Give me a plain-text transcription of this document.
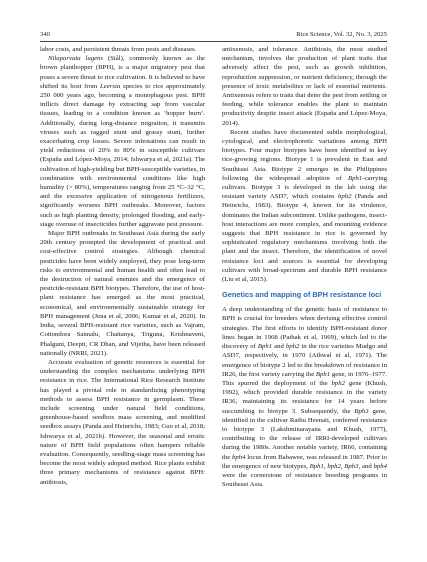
340	Rice Science, Vol. 32, No. 3, 2025

labor costs, and persistent threats from pests and diseases.

Nilaparvata lugens (Stål), commonly known as the brown planthopper (BPH), is a major migratory pest that poses a severe threat to rice cultivation. It is believed to have shifted its host from Leersia species to rice approximately 250 000 years ago, becoming a monophagous pest. BPH inflicts direct damage by extracting sap from vascular tissues, leading to a condition known as ‘hopper burn’. Additionally, during long-distance migration, it transmits viruses such as ragged stunt and grassy stunt, further exacerbating crop losses. Severe infestations can result in yield reductions of 20% to 80% in susceptible cultivars (España and López-Moya, 2014; Ishwarya et al, 2021a). The cultivation of high-yielding but BPH-susceptible varieties, in combination with environmental conditions like high humidity (> 80%), temperatures ranging from 25 °C–32 °C, and the excessive application of nitrogenous fertilizers, significantly worsens BPH outbreaks. Moreover, factors such as high planting density, prolonged flooding, and early-stage overuse of insecticides further aggravate pest pressure.

Major BPH outbreaks in Southeast Asia during the early 20th century prompted the development of practical and cost-effective control strategies. Although chemical pesticides have been widely employed, they pose long-term risks to environmental and human health and often lead to the destruction of natural enemies and the emergence of pesticide-resistant BPH biotypes. Therefore, the use of host-plant resistance has emerged as the most practical, economical, and environmentally sustainable strategy for BPH management (Jena et al, 2006; Kumar et al, 2020). In India, several BPH-resistant rice varieties, such as Vajram, Cottondora Sannalu, Chaitanya, Triguna, Krishnaveni, Phalguni, Deepti, CR Dhan, and Vijetha, have been released nationally (NRRI, 2021).

Accurate evaluation of genetic resources is essential for understanding the complex mechanisms underlying BPH resistance in rice. The International Rice Research Institute has played a pivotal role in standardizing phenotyping methods to assess BPH resistance in germplasm. These include screening under natural field conditions, greenhouse-based seedbox mass screening, and modified seedbox assays (Panda and Heinrichs, 1983; Guo et al, 2018; Ishwarya et al, 2021b). However, the seasonal and erratic nature of BPH field populations often hampers reliable evaluation. Consequently, seedling-stage mass screening has become the most widely adopted method. Rice plants exhibit three primary mechanisms of resistance against BPH: antibiosis,

antixenosis, and tolerance. Antibiosis, the most studied mechanism, involves the production of plant traits that adversely affect the pest, such as growth inhibition, reproduction suppression, or nutrient deficiency, through the presence of toxic metabolites or lack of essential nutrients. Antixenosis refers to traits that deter the pest from settling or feeding, while tolerance enables the plant to maintain productivity despite insect attack (España and López-Moya, 2014).

Recent studies have documented subtle morphological, cytological, and electrophoretic variations among BPH biotypes. Four major biotypes have been identified in key rice-growing regions. Biotype 1 is prevalent in East and Southeast Asia. Biotype 2 emerges in the Philippines following the widespread adoption of Bph1-carrying cultivars. Biotype 3 is developed in the lab using the resistant variety ASD7, which contains bph2 (Panda and Heinrichs, 1983). Biotype 4, known for its virulence, dominates the Indian subcontinent. Unlike pathogens, insect-host interactions are more complex, and mounting evidence suggests that BPH resistance in rice is governed by sophisticated regulatory mechanisms involving both the plant and the insect. Therefore, the identification of novel resistance loci and sources is essential for developing cultivars with broad-spectrum and durable BPH resistance (Liu et al, 2015).

Genetics and mapping of BPH resistance loci

A deep understanding of the genetic basis of resistance to BPH is crucial for breeders when devising effective control strategies. The first efforts to identify BPH-resistant donor lines began in 1968 (Pathak et al, 1969), which led to the discovery of Bph1 and bph2 in the rice varieties Mudgo and ASD7, respectively, in 1970 (Athwal et al, 1971). The emergence of biotype 2 led to the breakdown of resistance in IR26, the first variety carrying the Bph1 gene, in 1976–1977. This spurred the deployment of the bph2 gene (Khush, 1992), which provided durable resistance in the variety IR36, maintaining its resistance for 14 years before succumbing to biotype 3. Subsequently, the Bph3 gene, identified in the cultivar Rathu Heenati, conferred resistance to biotype 3 (Lakshminarayana and Khush, 1977), contributing to the release of IRRI-developed cultivars during the 1980s. Another notable variety, IR66, containing the bph4 locus from Babawee, was released in 1987. Prior to the emergence of new biotypes, Bph1, bph2, Bph3, and bph4 were the cornerstone of resistance breeding programs in Southeast Asia.
